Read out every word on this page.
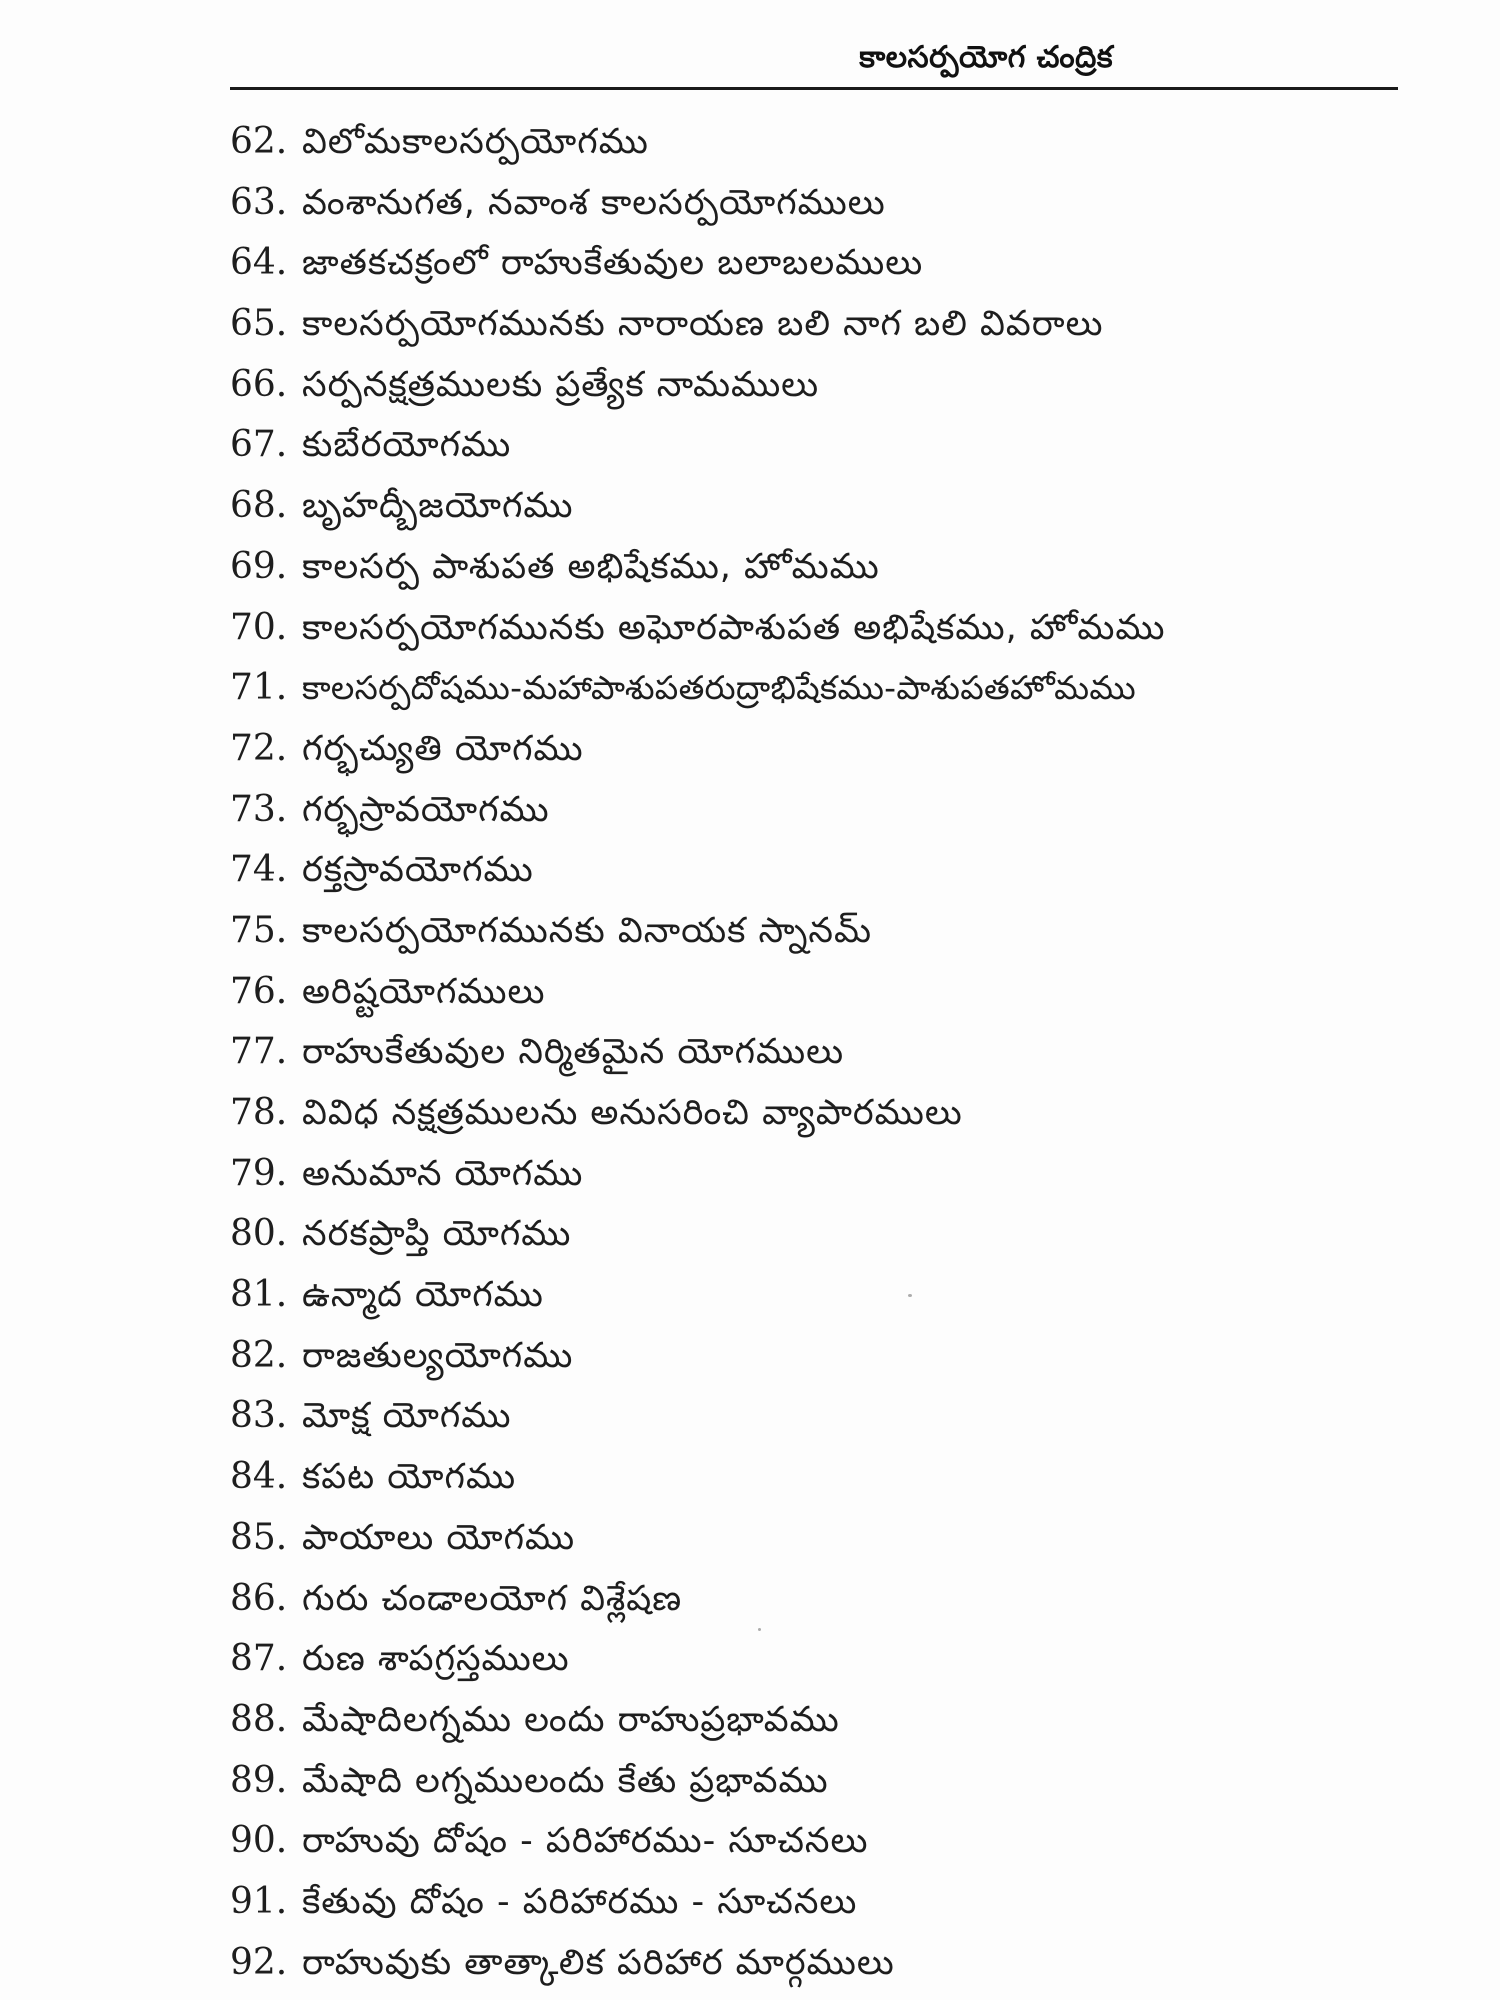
కాలసర్పయోగ చంద్రిక
62. విలోమకాలసర్పయోగము
63. వంశానుగత, నవాంశ కాలసర్పయోగములు
64. జాతకచక్రంలో రాహుకేతువుల బలాబలములు
65. కాలసర్పయోగమునకు నారాయణ బలి నాగ బలి వివరాలు
66. సర్పనక్షత్రములకు ప్రత్యేక నామములు
67. కుబేరయోగము
68. బృహద్బీజయోగము
69. కాలసర్ప పాశుపత అభిషేకము, హోమము
70. కాలసర్పయోగమునకు అఘోరపాశుపత అభిషేకము, హోమము
71. కాలసర్పదోషము-మహాపాశుపతరుద్రాభిషేకము-పాశుపతహోమము
72. గర్భచ్యుతి యోగము
73. గర్భస్రావయోగము
74. రక్తస్రావయోగము
75. కాలసర్పయోగమునకు వినాయక స్నానమ్
76. అరిష్టయోగములు
77. రాహుకేతువుల నిర్మితమైన యోగములు
78. వివిధ నక్షత్రములను అనుసరించి వ్యాపారములు
79. అనుమాన యోగము
80. నరకప్రాప్తి యోగము
81. ఉన్మాద యోగము
82. రాజతుల్యయోగము
83. మోక్ష యోగము
84. కపట యోగము
85. పాయాలు యోగము
86. గురు చండాలయోగ విశ్లేషణ
87. రుణ శాపగ్రస్తములు
88. మేషాదిలగ్నము లందు రాహుప్రభావము
89. మేషాది లగ్నములందు కేతు ప్రభావము
90. రాహువు దోషం - పరిహారము- సూచనలు
91. కేతువు దోషం - పరిహారము - సూచనలు
92. రాహువుకు తాత్కాలిక పరిహార మార్గములు
